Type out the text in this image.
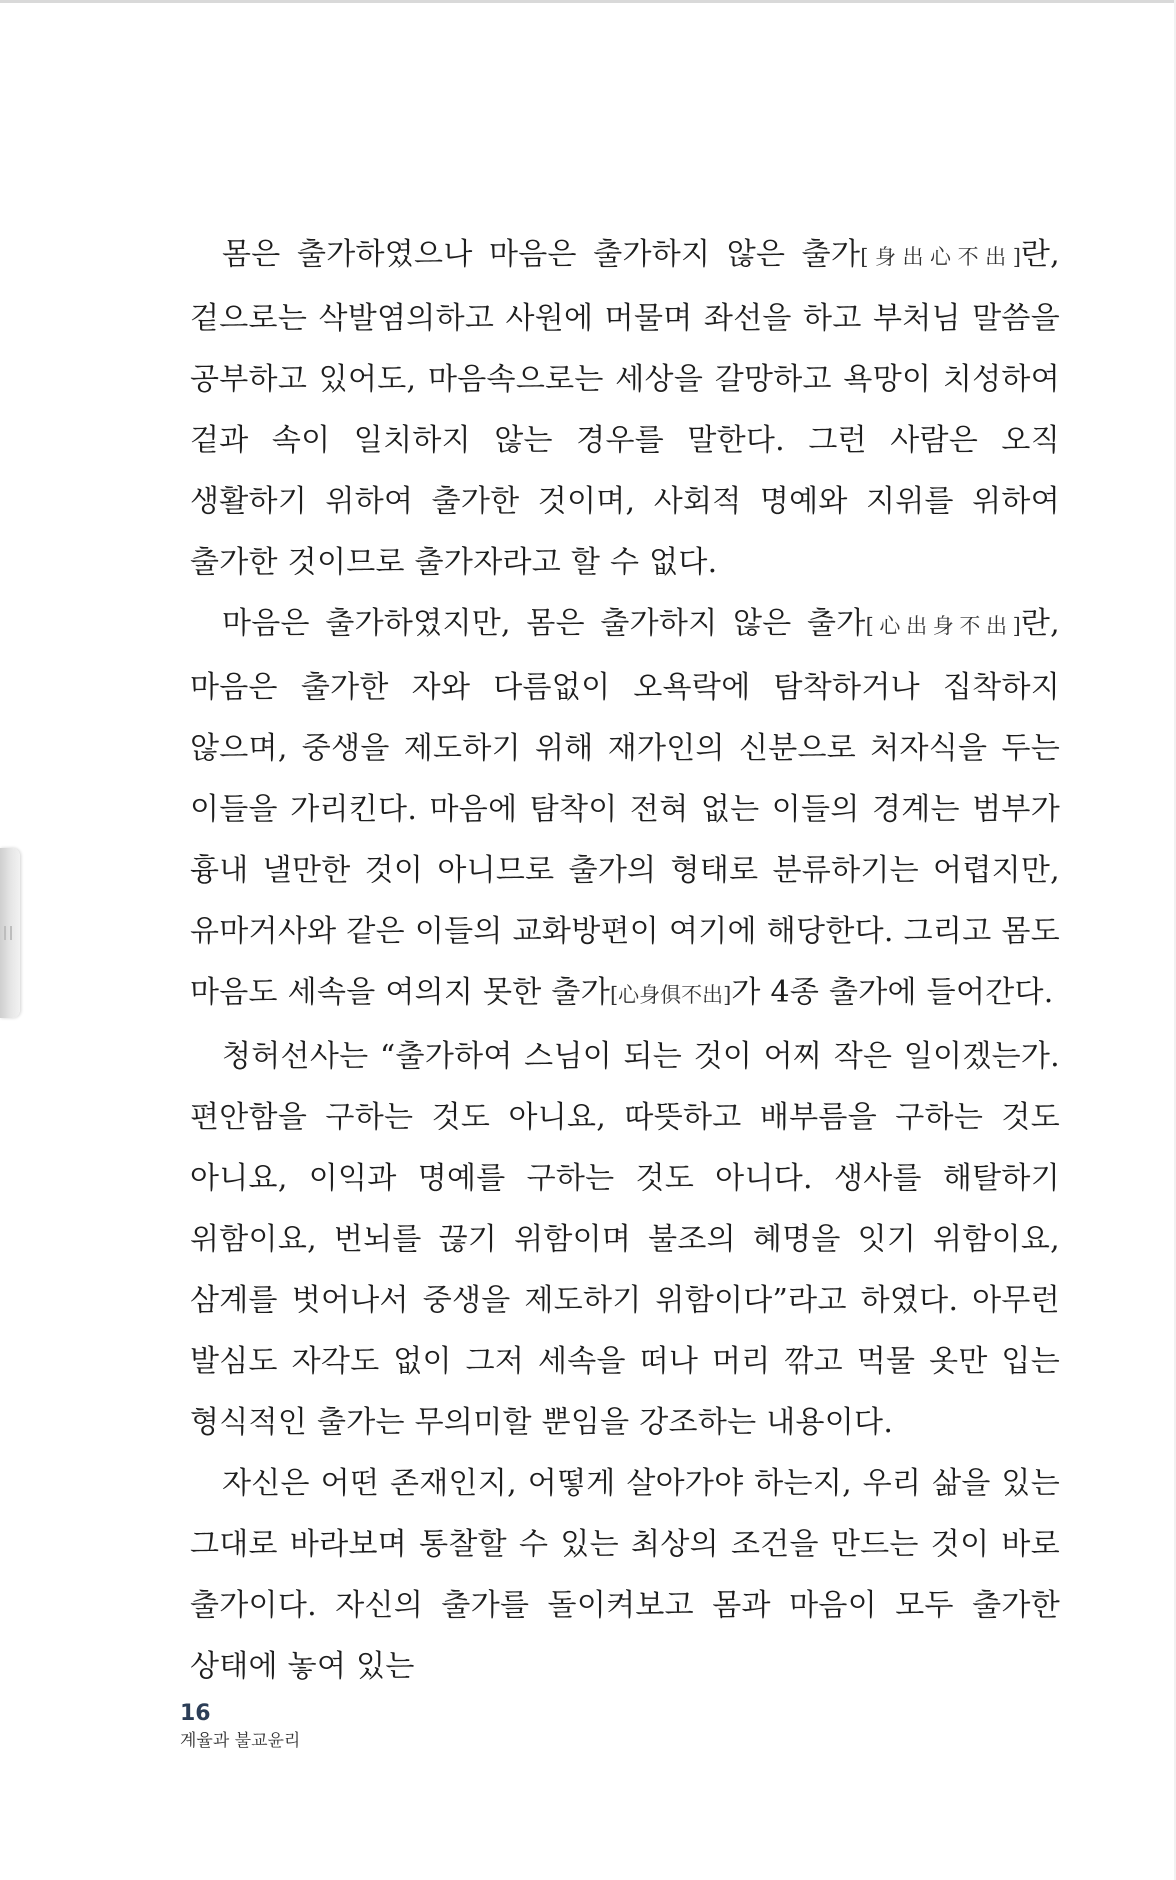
몸은 출가하였으나 마음은 출가하지 않은 출가[身出心不出]란, 겉으로는 삭발염의하고 사원에 머물며 좌선을 하고 부처님 말씀을 공부하고 있어도, 마음속으로는 세상을 갈망하고 욕망이 치성하여 겉과 속이 일치하지 않는 경우를 말한다. 그런 사람은 오직 생활하기 위하여 출가한 것이며, 사회적 명예와 지위를 위하여 출가한 것이므로 출가자라고 할 수 없다.

마음은 출가하였지만, 몸은 출가하지 않은 출가[心出身不出]란, 마음은 출가한 자와 다름없이 오욕락에 탐착하거나 집착하지 않으며, 중생을 제도하기 위해 재가인의 신분으로 처자식을 두는 이들을 가리킨다. 마음에 탐착이 전혀 없는 이들의 경계는 범부가 흉내 낼만한 것이 아니므로 출가의 형태로 분류하기는 어렵지만, 유마거사와 같은 이들의 교화방편이 여기에 해당한다. 그리고 몸도 마음도 세속을 여의지 못한 출가[心身俱不出]가 4종 출가에 들어간다.

청허선사는 “출가하여 스님이 되는 것이 어찌 작은 일이겠는가. 편안함을 구하는 것도 아니요, 따뜻하고 배부름을 구하는 것도 아니요, 이익과 명예를 구하는 것도 아니다. 생사를 해탈하기 위함이요, 번뇌를 끊기 위함이며 불조의 혜명을 잇기 위함이요, 삼계를 벗어나서 중생을 제도하기 위함이다”라고 하였다. 아무런 발심도 자각도 없이 그저 세속을 떠나 머리 깎고 먹물 옷만 입는 형식적인 출가는 무의미할 뿐임을 강조하는 내용이다.

자신은 어떤 존재인지, 어떻게 살아가야 하는지, 우리 삶을 있는 그대로 바라보며 통찰할 수 있는 최상의 조건을 만드는 것이 바로 출가이다. 자신의 출가를 돌이켜보고 몸과 마음이 모두 출가한 상태에 놓여 있는

16
계율과 불교윤리
